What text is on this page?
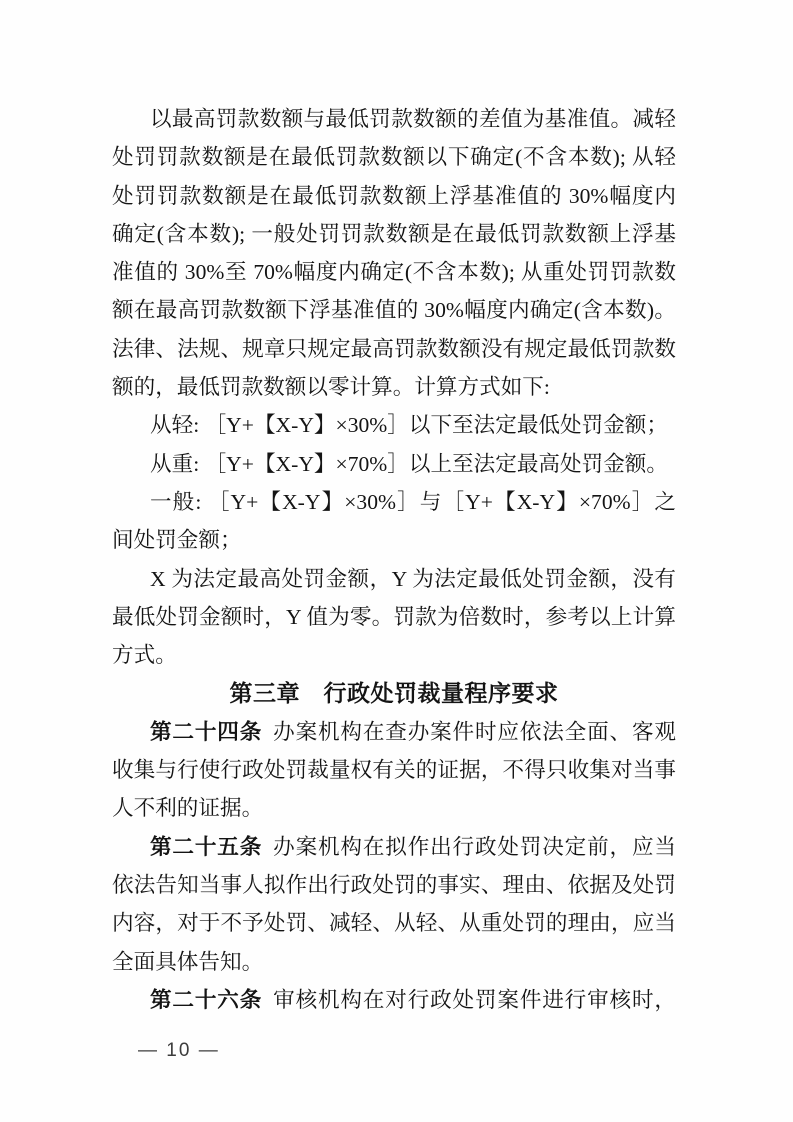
以最高罚款数额与最低罚款数额的差值为基准值。减轻
处罚罚款数额是在最低罚款数额以下确定(不含本数); 从轻
处罚罚款数额是在最低罚款数额上浮基准值的 30%幅度内
确定(含本数); 一般处罚罚款数额是在最低罚款数额上浮基
准值的 30%至 70%幅度内确定(不含本数); 从重处罚罚款数
额在最高罚款数额下浮基准值的 30%幅度内确定(含本数)。
法律、法规、规章只规定最高罚款数额没有规定最低罚款数
额的，最低罚款数额以零计算。计算方式如下:
从轻: ［Y+【X-Y】×30%］以下至法定最低处罚金额；
从重: ［Y+【X-Y】×70%］以上至法定最高处罚金额。
一般: ［Y+【X-Y】×30%］与［Y+【X-Y】×70%］之
间处罚金额；
X 为法定最高处罚金额，Y 为法定最低处罚金额，没有
最低处罚金额时，Y 值为零。罚款为倍数时，参考以上计算
方式。
第三章　行政处罚裁量程序要求
第二十四条 办案机构在查办案件时应依法全面、客观
收集与行使行政处罚裁量权有关的证据，不得只收集对当事
人不利的证据。
第二十五条 办案机构在拟作出行政处罚决定前，应当
依法告知当事人拟作出行政处罚的事实、理由、依据及处罚
内容，对于不予处罚、减轻、从轻、从重处罚的理由，应当
全面具体告知。
第二十六条 审核机构在对行政处罚案件进行审核时，
— 10 —
